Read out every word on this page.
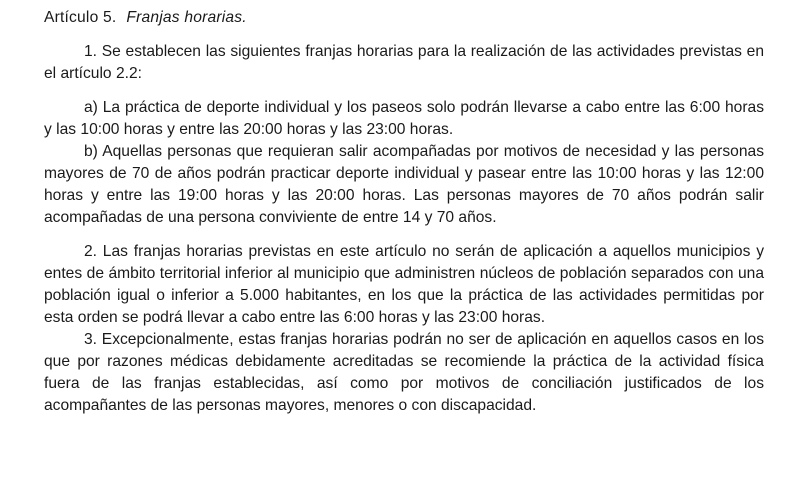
Artículo 5. Franjas horarias.

1. Se establecen las siguientes franjas horarias para la realización de las actividades previstas en el artículo 2.2:

a) La práctica de deporte individual y los paseos solo podrán llevarse a cabo entre las 6:00 horas y las 10:00 horas y entre las 20:00 horas y las 23:00 horas.

b) Aquellas personas que requieran salir acompañadas por motivos de necesidad y las personas mayores de 70 de años podrán practicar deporte individual y pasear entre las 10:00 horas y las 12:00 horas y entre las 19:00 horas y las 20:00 horas. Las personas mayores de 70 años podrán salir acompañadas de una persona conviviente de entre 14 y 70 años.

2. Las franjas horarias previstas en este artículo no serán de aplicación a aquellos municipios y entes de ámbito territorial inferior al municipio que administren núcleos de población separados con una población igual o inferior a 5.000 habitantes, en los que la práctica de las actividades permitidas por esta orden se podrá llevar a cabo entre las 6:00 horas y las 23:00 horas.

3. Excepcionalmente, estas franjas horarias podrán no ser de aplicación en aquellos casos en los que por razones médicas debidamente acreditadas se recomiende la práctica de la actividad física fuera de las franjas establecidas, así como por motivos de conciliación justificados de los acompañantes de las personas mayores, menores o con discapacidad.
